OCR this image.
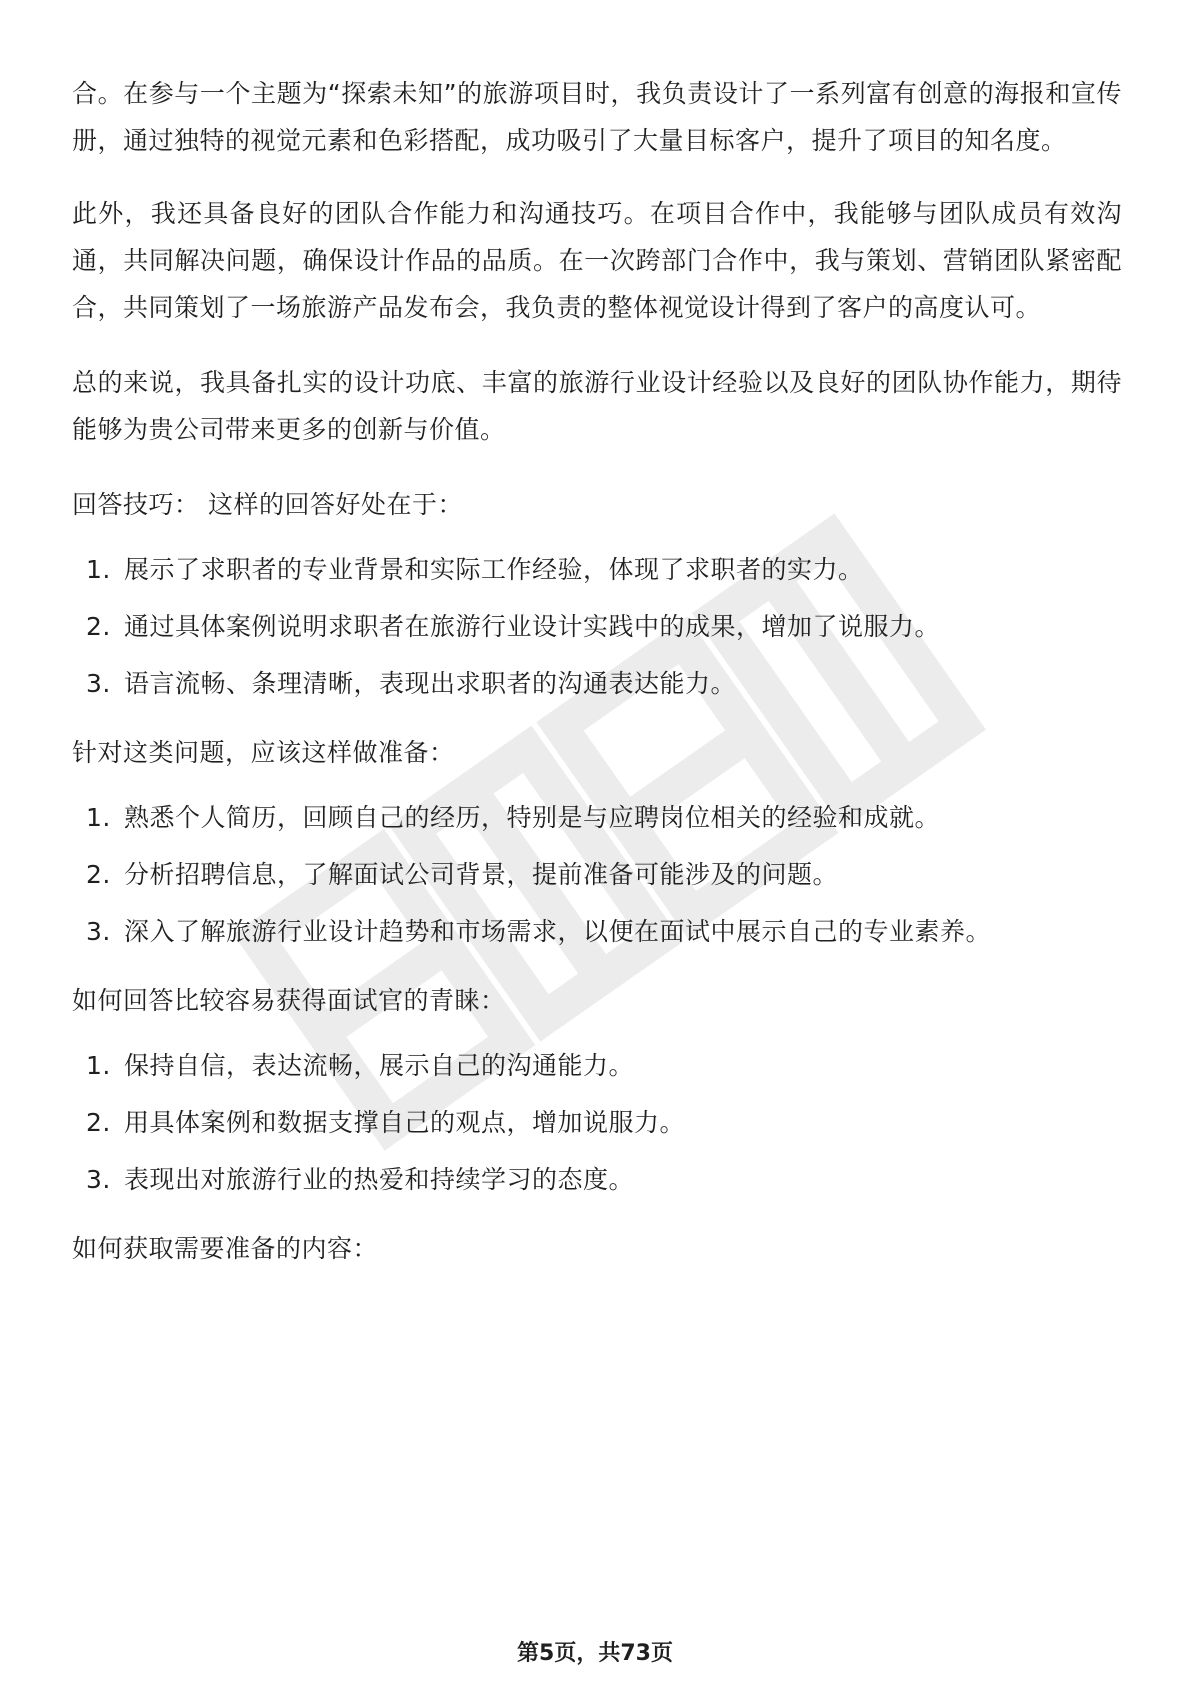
合。在参与一个主题为“探索未知”的旅游项目时，我负责设计了一系列富有创意的海报和宣传册，通过独特的视觉元素和色彩搭配，成功吸引了大量目标客户，提升了项目的知名度。

此外，我还具备良好的团队合作能力和沟通技巧。在项目合作中，我能够与团队成员有效沟通，共同解决问题，确保设计作品的品质。在一次跨部门合作中，我与策划、营销团队紧密配合，共同策划了一场旅游产品发布会，我负责的整体视觉设计得到了客户的高度认可。

总的来说，我具备扎实的设计功底、丰富的旅游行业设计经验以及良好的团队协作能力，期待能够为贵公司带来更多的创新与价值。

回答技巧： 这样的回答好处在于：

1. 展示了求职者的专业背景和实际工作经验，体现了求职者的实力。
2. 通过具体案例说明求职者在旅游行业设计实践中的成果，增加了说服力。
3. 语言流畅、条理清晰，表现出求职者的沟通表达能力。

针对这类问题，应该这样做准备：

1. 熟悉个人简历，回顾自己的经历，特别是与应聘岗位相关的经验和成就。
2. 分析招聘信息，了解面试公司背景，提前准备可能涉及的问题。
3. 深入了解旅游行业设计趋势和市场需求，以便在面试中展示自己的专业素养。

如何回答比较容易获得面试官的青睐：

1. 保持自信，表达流畅，展示自己的沟通能力。
2. 用具体案例和数据支撑自己的观点，增加说服力。
3. 表现出对旅游行业的热爱和持续学习的态度。

如何获取需要准备的内容：

第5页，共73页
